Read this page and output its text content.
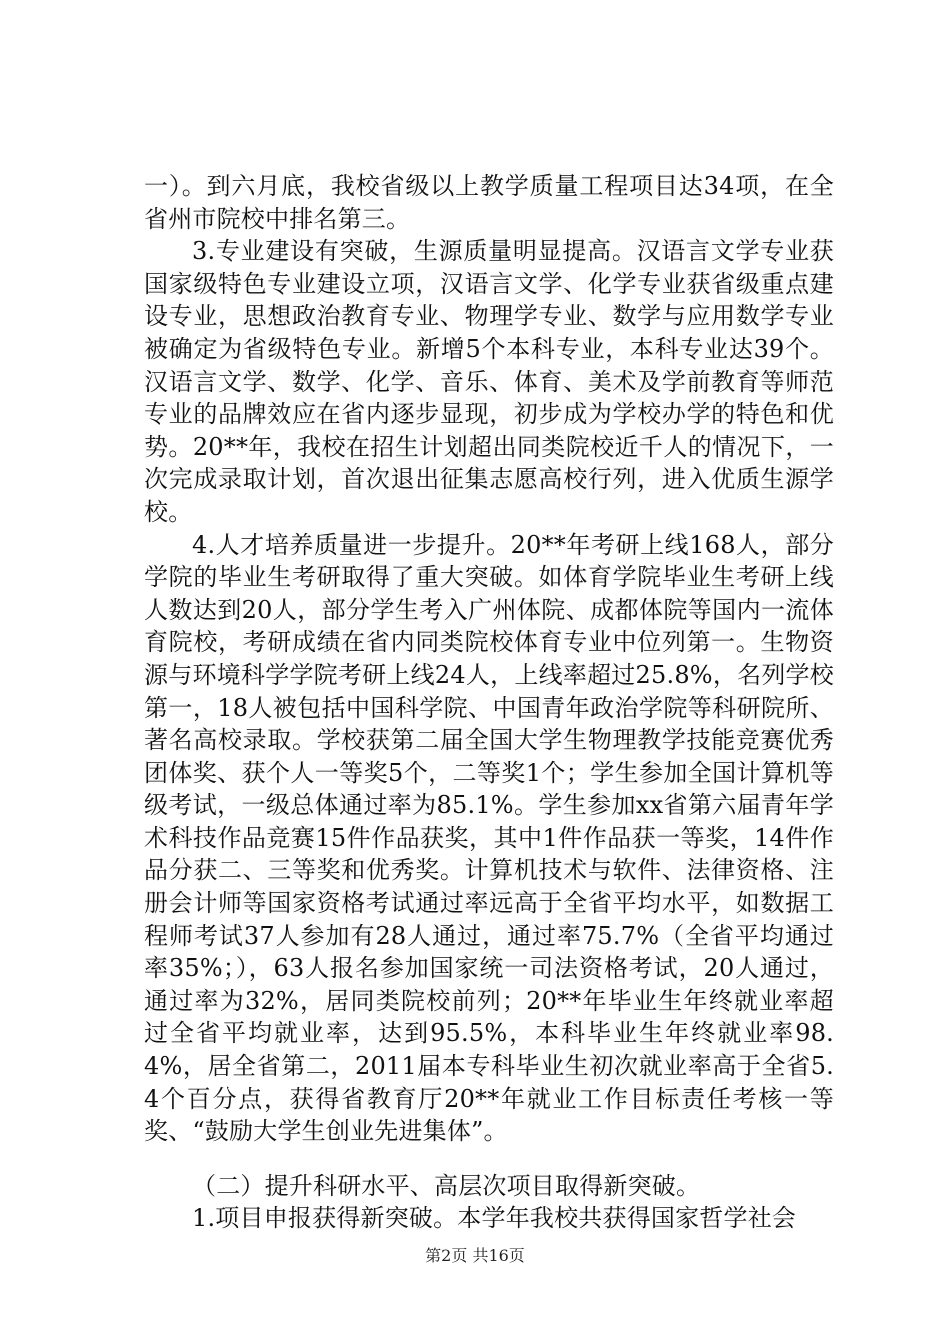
一）。到六月底，我校省级以上教学质量工程项目达34项，在全省州市院校中排名第三。

3.专业建设有突破，生源质量明显提高。汉语言文学专业获国家级特色专业建设立项，汉语言文学、化学专业获省级重点建设专业，思想政治教育专业、物理学专业、数学与应用数学专业被确定为省级特色专业。新增5个本科专业，本科专业达39个。汉语言文学、数学、化学、音乐、体育、美术及学前教育等师范专业的品牌效应在省内逐步显现，初步成为学校办学的特色和优势。20**年，我校在招生计划超出同类院校近千人的情况下，一次完成录取计划，首次退出征集志愿高校行列，进入优质生源学校。

4.人才培养质量进一步提升。20**年考研上线168人，部分学院的毕业生考研取得了重大突破。如体育学院毕业生考研上线人数达到20人，部分学生考入广州体院、成都体院等国内一流体育院校，考研成绩在省内同类院校体育专业中位列第一。生物资源与环境科学学院考研上线24人，上线率超过25.8%，名列学校第一，18人被包括中国科学院、中国青年政治学院等科研院所、著名高校录取。学校获第二届全国大学生物理教学技能竞赛优秀团体奖、获个人一等奖5个，二等奖1个；学生参加全国计算机等级考试，一级总体通过率为85.1%。学生参加xx省第六届青年学术科技作品竞赛15件作品获奖，其中1件作品获一等奖，14件作品分获二、三等奖和优秀奖。计算机技术与软件、法律资格、注册会计师等国家资格考试通过率远高于全省平均水平，如数据工程师考试37人参加有28人通过，通过率75.7%（全省平均通过率35%；），63人报名参加国家统一司法资格考试，20人通过，通过率为32%，居同类院校前列；20**年毕业生年终就业率超过全省平均就业率，达到95.5%，本科毕业生年终就业率98.4%，居全省第二，2011届本专科毕业生初次就业率高于全省5.4个百分点，获得省教育厅20**年就业工作目标责任考核一等奖、“鼓励大学生创业先进集体”。

（二）提升科研水平、高层次项目取得新突破。

1.项目申报获得新突破。本学年我校共获得国家哲学社会

第2页 共16页
